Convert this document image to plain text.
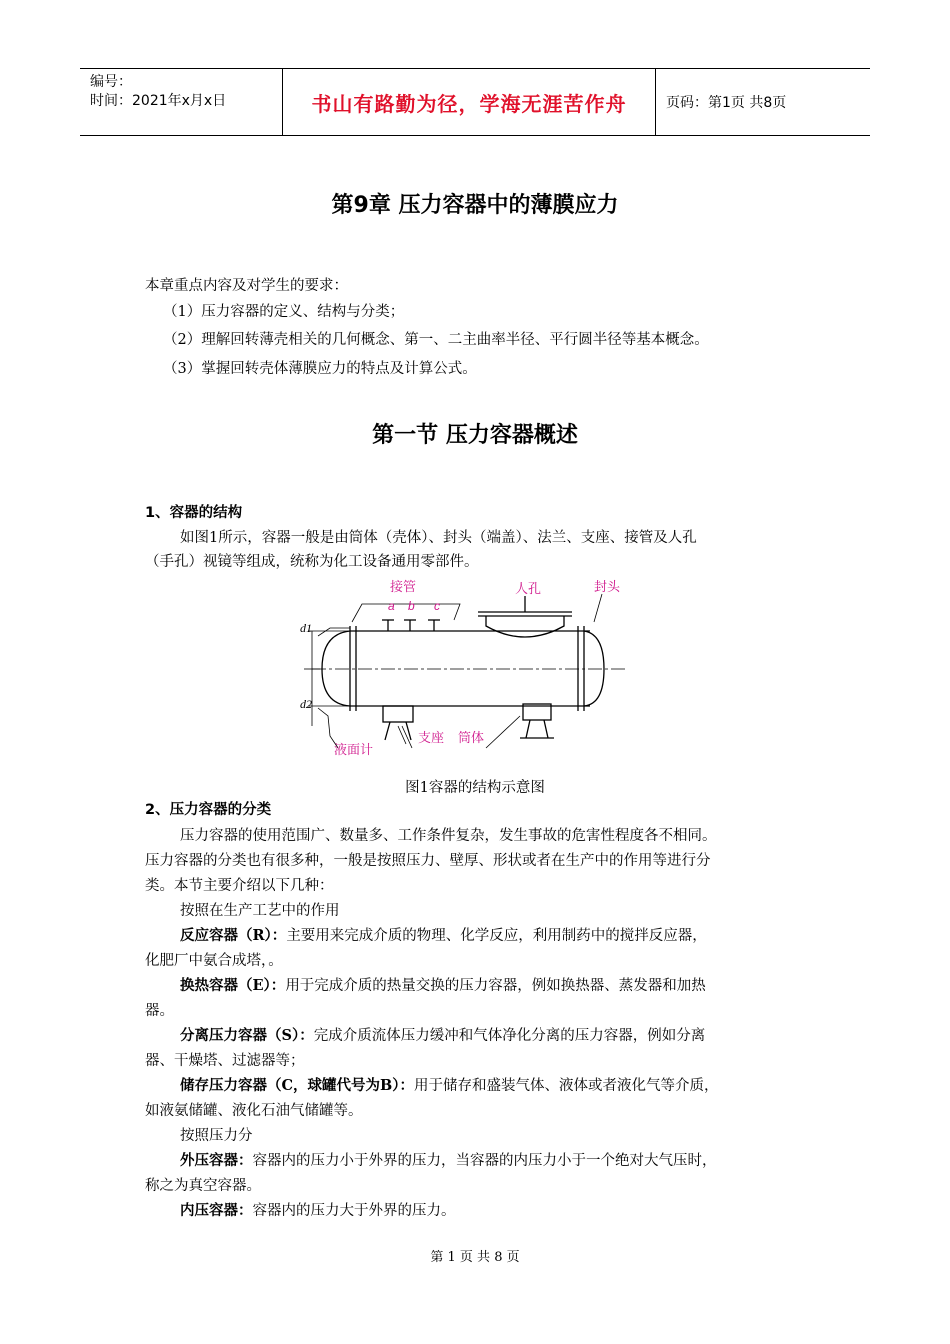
编号：
时间：2021年x月x日	书山有路勤为径，学海无涯苦作舟	页码：第1页 共8页
第9章 压力容器中的薄膜应力
本章重点内容及对学生的要求：
（1）压力容器的定义、结构与分类；
（2）理解回转薄壳相关的几何概念、第一、二主曲率半径、平行圆半径等基本概念。
（3）掌握回转壳体薄膜应力的特点及计算公式。
第一节 压力容器概述
1、容器的结构
如图1所示，容器一般是由筒体（壳体）、封头（端盖）、法兰、支座、接管及人孔
（手孔）视镜等组成，统称为化工设备通用零部件。
接管	人孔	封头
液面计
支座 筒体
a b c
d1
d2
图1容器的结构示意图
2、压力容器的分类
压力容器的使用范围广、数量多、工作条件复杂，发生事故的危害性程度各不相同。
压力容器的分类也有很多种，一般是按照压力、壁厚、形状或者在生产中的作用等进行分
类。本节主要介绍以下几种：
按照在生产工艺中的作用
反应容器（R）：主要用来完成介质的物理、化学反应，利用制药中的搅拌反应器，
化肥厂中氨合成塔，。
换热容器（E）：用于完成介质的热量交换的压力容器，例如换热器、蒸发器和加热
器。
分离压力容器（S）：完成介质流体压力缓冲和气体净化分离的压力容器，例如分离
器、干燥塔、过滤器等；
储存压力容器（C，球罐代号为B）：用于储存和盛装气体、液体或者液化气等介质，
如液氨储罐、液化石油气储罐等。
按照压力分
外压容器：容器内的压力小于外界的压力，当容器的内压力小于一个绝对大气压时，
称之为真空容器。
内压容器：容器内的压力大于外界的压力。
第 1 页 共 8 页
